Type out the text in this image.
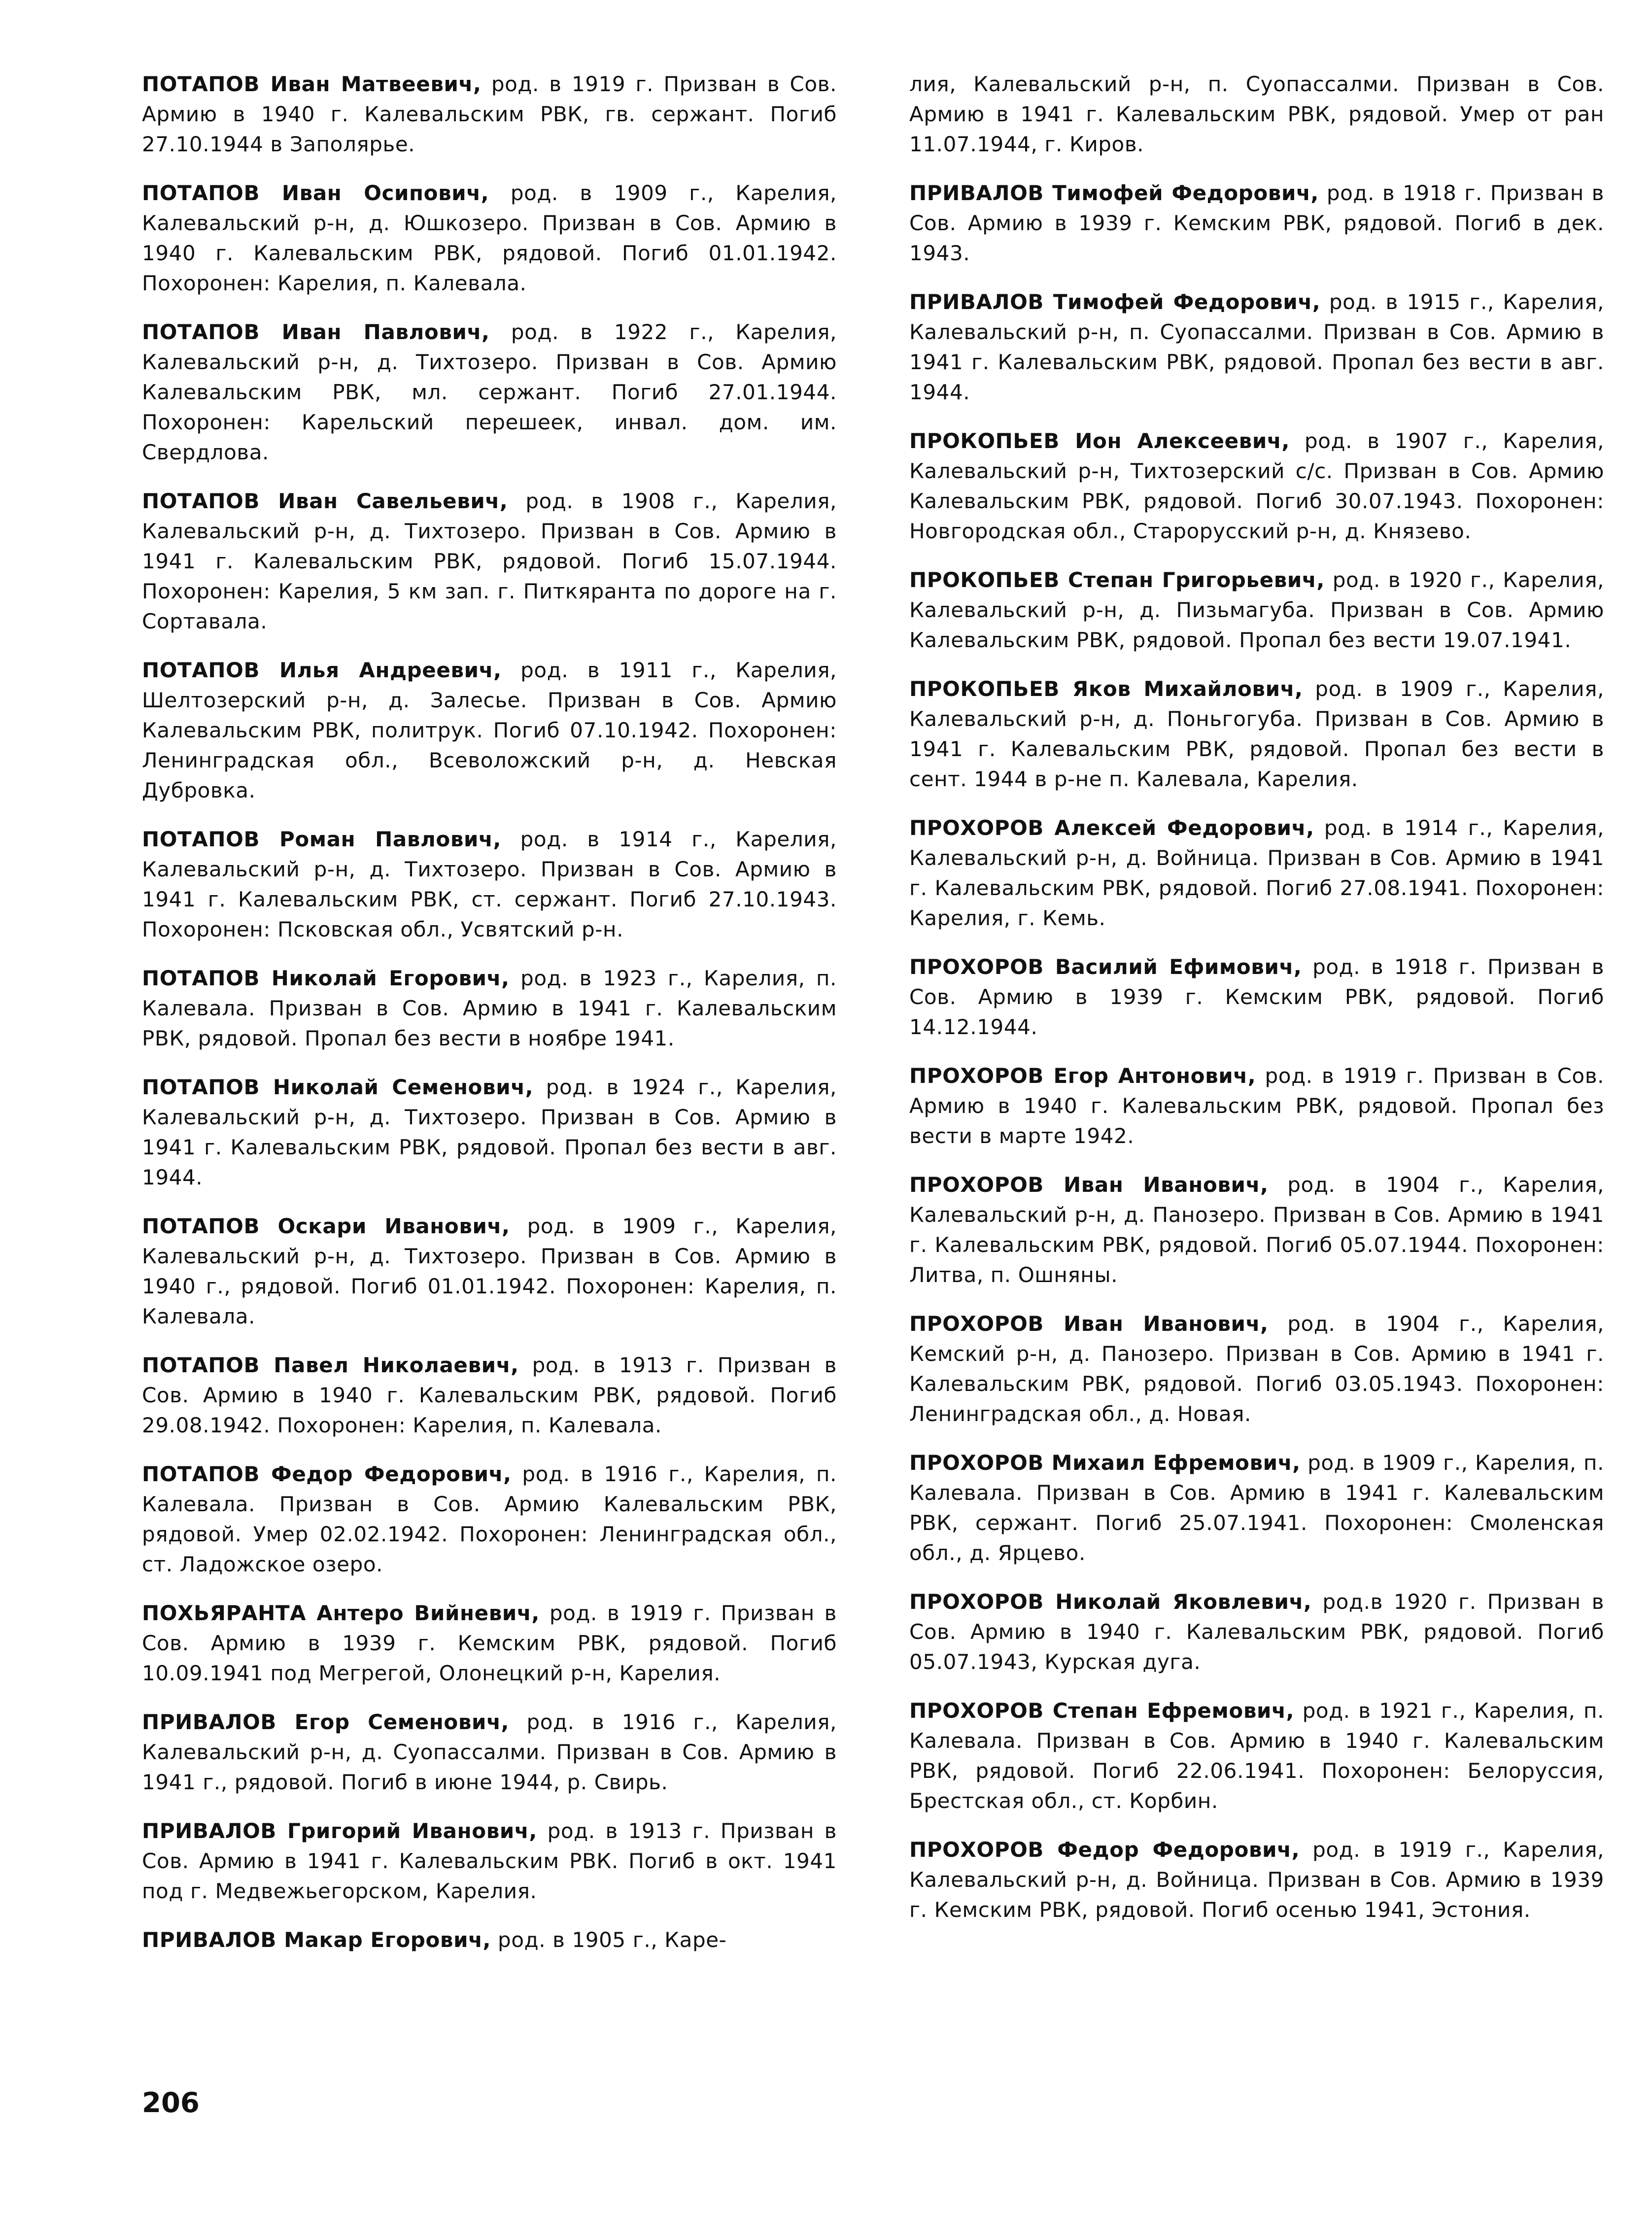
ПОТАПОВ Иван Матвеевич, род. в 1919 г. Призван в Сов. Армию в 1940 г. Калевальским РВК, гв. сержант. Погиб 27.10.1944 в Заполярье.

ПОТАПОВ Иван Осипович, род. в 1909 г., Карелия, Калевальский р-н, д. Юшкозеро. Призван в Сов. Армию в 1940 г. Калевальским РВК, рядовой. Погиб 01.01.1942. Похоронен: Карелия, п. Калевала.

ПОТАПОВ Иван Павлович, род. в 1922 г., Карелия, Калевальский р-н, д. Тихтозеро. Призван в Сов. Армию Калевальским РВК, мл. сержант. Погиб 27.01.1944. Похоронен: Карельский перешеек, инвал. дом. им. Свердлова.

ПОТАПОВ Иван Савельевич, род. в 1908 г., Карелия, Калевальский р-н, д. Тихтозеро. Призван в Сов. Армию в 1941 г. Калевальским РВК, рядовой. Погиб 15.07.1944. Похоронен: Карелия, 5 км зап. г. Питкяранта по дороге на г. Сортавала.

ПОТАПОВ Илья Андреевич, род. в 1911 г., Карелия, Шелтозерский р-н, д. Залесье. Призван в Сов. Армию Калевальским РВК, политрук. Погиб 07.10.1942. Похоронен: Ленинградская обл., Всеволожский р-н, д. Невская Дубровка.

ПОТАПОВ Роман Павлович, род. в 1914 г., Карелия, Калевальский р-н, д. Тихтозеро. Призван в Сов. Армию в 1941 г. Калевальским РВК, ст. сержант. Погиб 27.10.1943. Похоронен: Псковская обл., Усвятский р-н.

ПОТАПОВ Николай Егорович, род. в 1923 г., Карелия, п. Калевала. Призван в Сов. Армию в 1941 г. Калевальским РВК, рядовой. Пропал без вести в ноябре 1941.

ПОТАПОВ Николай Семенович, род. в 1924 г., Карелия, Калевальский р-н, д. Тихтозеро. Призван в Сов. Армию в 1941 г. Калевальским РВК, рядовой. Пропал без вести в авг. 1944.

ПОТАПОВ Оскари Иванович, род. в 1909 г., Карелия, Калевальский р-н, д. Тихтозеро. Призван в Сов. Армию в 1940 г., рядовой. Погиб 01.01.1942. Похоронен: Карелия, п. Калевала.

ПОТАПОВ Павел Николаевич, род. в 1913 г. Призван в Сов. Армию в 1940 г. Калевальским РВК, рядовой. Погиб 29.08.1942. Похоронен: Карелия, п. Калевала.

ПОТАПОВ Федор Федорович, род. в 1916 г., Карелия, п. Калевала. Призван в Сов. Армию Калевальским РВК, рядовой. Умер 02.02.1942. Похоронен: Ленинградская обл., ст. Ладожское озеро.

ПОХЬЯРАНТА Антеро Вийневич, род. в 1919 г. Призван в Сов. Армию в 1939 г. Кемским РВК, рядовой. Погиб 10.09.1941 под Мегрегой, Олонецкий р-н, Карелия.

ПРИВАЛОВ Егор Семенович, род. в 1916 г., Карелия, Калевальский р-н, д. Суопассалми. Призван в Сов. Армию в 1941 г., рядовой. Погиб в июне 1944, р. Свирь.

ПРИВАЛОВ Григорий Иванович, род. в 1913 г. Призван в Сов. Армию в 1941 г. Калевальским РВК. Погиб в окт. 1941 под г. Медвежьегорском, Карелия.

ПРИВАЛОВ Макар Егорович, род. в 1905 г., Каре-

лия, Калевальский р-н, п. Суопассалми. Призван в Сов. Армию в 1941 г. Калевальским РВК, рядовой. Умер от ран 11.07.1944, г. Киров.

ПРИВАЛОВ Тимофей Федорович, род. в 1918 г. Призван в Сов. Армию в 1939 г. Кемским РВК, рядовой. Погиб в дек. 1943.

ПРИВАЛОВ Тимофей Федорович, род. в 1915 г., Карелия, Калевальский р-н, п. Суопассалми. Призван в Сов. Армию в 1941 г. Калевальским РВК, рядовой. Пропал без вести в авг. 1944.

ПРОКОПЬЕВ Ион Алексеевич, род. в 1907 г., Карелия, Калевальский р-н, Тихтозерский с/с. Призван в Сов. Армию Калевальским РВК, рядовой. Погиб 30.07.1943. Похоронен: Новгородская обл., Старорусский р-н, д. Князево.

ПРОКОПЬЕВ Степан Григорьевич, род. в 1920 г., Карелия, Калевальский р-н, д. Пизьмагуба. Призван в Сов. Армию Калевальским РВК, рядовой. Пропал без вести 19.07.1941.

ПРОКОПЬЕВ Яков Михайлович, род. в 1909 г., Карелия, Калевальский р-н, д. Поньгогуба. Призван в Сов. Армию в 1941 г. Калевальским РВК, рядовой. Пропал без вести в сент. 1944 в р-не п. Калевала, Карелия.

ПРОХОРОВ Алексей Федорович, род. в 1914 г., Карелия, Калевальский р-н, д. Войница. Призван в Сов. Армию в 1941 г. Калевальским РВК, рядовой. Погиб 27.08.1941. Похоронен: Карелия, г. Кемь.

ПРОХОРОВ Василий Ефимович, род. в 1918 г. Призван в Сов. Армию в 1939 г. Кемским РВК, рядовой. Погиб 14.12.1944.

ПРОХОРОВ Егор Антонович, род. в 1919 г. Призван в Сов. Армию в 1940 г. Калевальским РВК, рядовой. Пропал без вести в марте 1942.

ПРОХОРОВ Иван Иванович, род. в 1904 г., Карелия, Калевальский р-н, д. Панозеро. Призван в Сов. Армию в 1941 г. Калевальским РВК, рядовой. Погиб 05.07.1944. Похоронен: Литва, п. Ошняны.

ПРОХОРОВ Иван Иванович, род. в 1904 г., Карелия, Кемский р-н, д. Панозеро. Призван в Сов. Армию в 1941 г. Калевальским РВК, рядовой. Погиб 03.05.1943. Похоронен: Ленинградская обл., д. Новая.

ПРОХОРОВ Михаил Ефремович, род. в 1909 г., Карелия, п. Калевала. Призван в Сов. Армию в 1941 г. Калевальским РВК, сержант. Погиб 25.07.1941. Похоронен: Смоленская обл., д. Ярцево.

ПРОХОРОВ Николай Яковлевич, род.в 1920 г. Призван в Сов. Армию в 1940 г. Калевальским РВК, рядовой. Погиб 05.07.1943, Курская дуга.

ПРОХОРОВ Степан Ефремович, род. в 1921 г., Карелия, п. Калевала. Призван в Сов. Армию в 1940 г. Калевальским РВК, рядовой. Погиб 22.06.1941. Похоронен: Белоруссия, Брестская обл., ст. Корбин.

ПРОХОРОВ Федор Федорович, род. в 1919 г., Карелия, Калевальский р-н, д. Войница. Призван в Сов. Армию в 1939 г. Кемским РВК, рядовой. Погиб осенью 1941, Эстония.

206
